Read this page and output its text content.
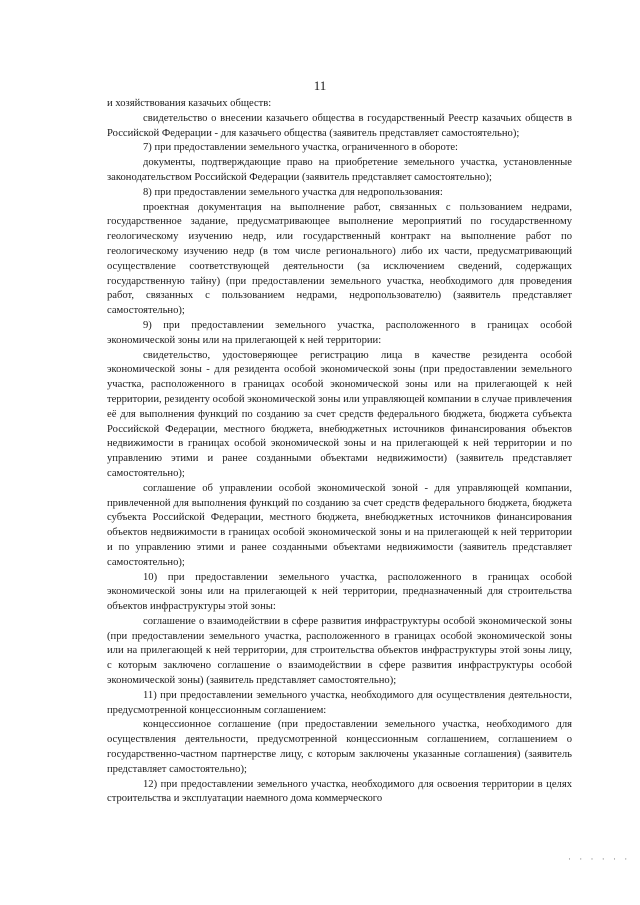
11

и хозяйствования казачьих обществ:

свидетельство о внесении казачьего общества в государственный Реестр казачьих обществ в Российской Федерации - для казачьего общества (заявитель представляет самостоятельно);

7) при предоставлении земельного участка, ограниченного в обороте:

документы, подтверждающие право на приобретение земельного участка, установленные законодательством Российской Федерации (заявитель представляет самостоятельно);

8) при предоставлении земельного участка для недропользования:

проектная документация на выполнение работ, связанных с пользованием недрами, государственное задание, предусматривающее выполнение мероприятий по государственному геологическому изучению недр, или государственный контракт на выполнение работ по геологическому изучению недр (в том числе регионального) либо их части, предусматривающий осуществление соответствующей деятельности (за исключением сведений, содержащих государственную тайну) (при предоставлении земельного участка, необходимого для проведения работ, связанных с пользованием недрами, недропользователю) (заявитель представляет самостоятельно);

9) при предоставлении земельного участка, расположенного в границах особой экономической зоны или на прилегающей к ней территории:

свидетельство, удостоверяющее регистрацию лица в качестве резидента особой экономической зоны - для резидента особой экономической зоны (при предоставлении земельного участка, расположенного в границах особой экономической зоны или на прилегающей к ней территории, резиденту особой экономической зоны или управляющей компании в случае привлечения её для выполнения функций по созданию за счет средств федерального бюджета, бюджета субъекта Российской Федерации, местного бюджета, внебюджетных источников финансирования объектов недвижимости в границах особой экономической зоны и на прилегающей к ней территории и по управлению этими и ранее созданными объектами недвижимости) (заявитель представляет самостоятельно);

соглашение об управлении особой экономической зоной - для управляющей компании, привлеченной для выполнения функций по созданию за счет средств федерального бюджета, бюджета субъекта Российской Федерации, местного бюджета, внебюджетных источников финансирования объектов недвижимости в границах особой экономической зоны и на прилегающей к ней территории и по управлению этими и ранее созданными объектами недвижимости (заявитель представляет самостоятельно);

10) при предоставлении земельного участка, расположенного в границах особой экономической зоны или на прилегающей к ней территории, предназначенный для строительства объектов инфраструктуры этой зоны:

соглашение о взаимодействии в сфере развития инфраструктуры особой экономической зоны (при предоставлении земельного участка, расположенного в границах особой экономической зоны или на прилегающей к ней территории, для строительства объектов инфраструктуры этой зоны лицу, с которым заключено соглашение о взаимодействии в сфере развития инфраструктуры особой экономической зоны) (заявитель представляет самостоятельно);

11) при предоставлении земельного участка, необходимого для осуществления деятельности, предусмотренной концессионным соглашением:

концессионное соглашение (при предоставлении земельного участка, необходимого для осуществления деятельности, предусмотренной концессионным соглашением, соглашением о государственно-частном партнерстве лицу, с которым заключены указанные соглашения) (заявитель представляет самостоятельно);

12) при предоставлении земельного участка, необходимого для освоения территории в целях строительства и эксплуатации наемного дома коммерческого

· · · · · ·
